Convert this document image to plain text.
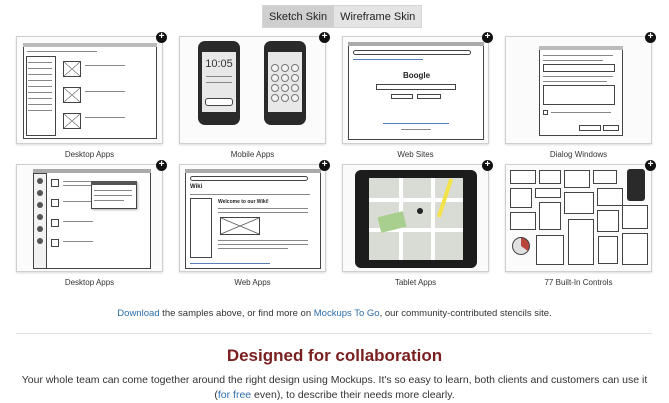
Sketch Skin	Wireframe Skin
+
Desktop Apps
10:05
+
Mobile Apps
Boogle
+
Web Sites
+
Dialog Windows
+
Desktop Apps
Wiki
Welcome to our Wiki!
+
Web Apps
+
Tablet Apps
+
77 Built-In Controls
Download the samples above, or find more on Mockups To Go, our community-contributed stencils site.
Designed for collaboration
Your whole team can come together around the right design using Mockups. It's so easy to learn, both clients and customers can use it (for free even), to describe their needs more clearly.
